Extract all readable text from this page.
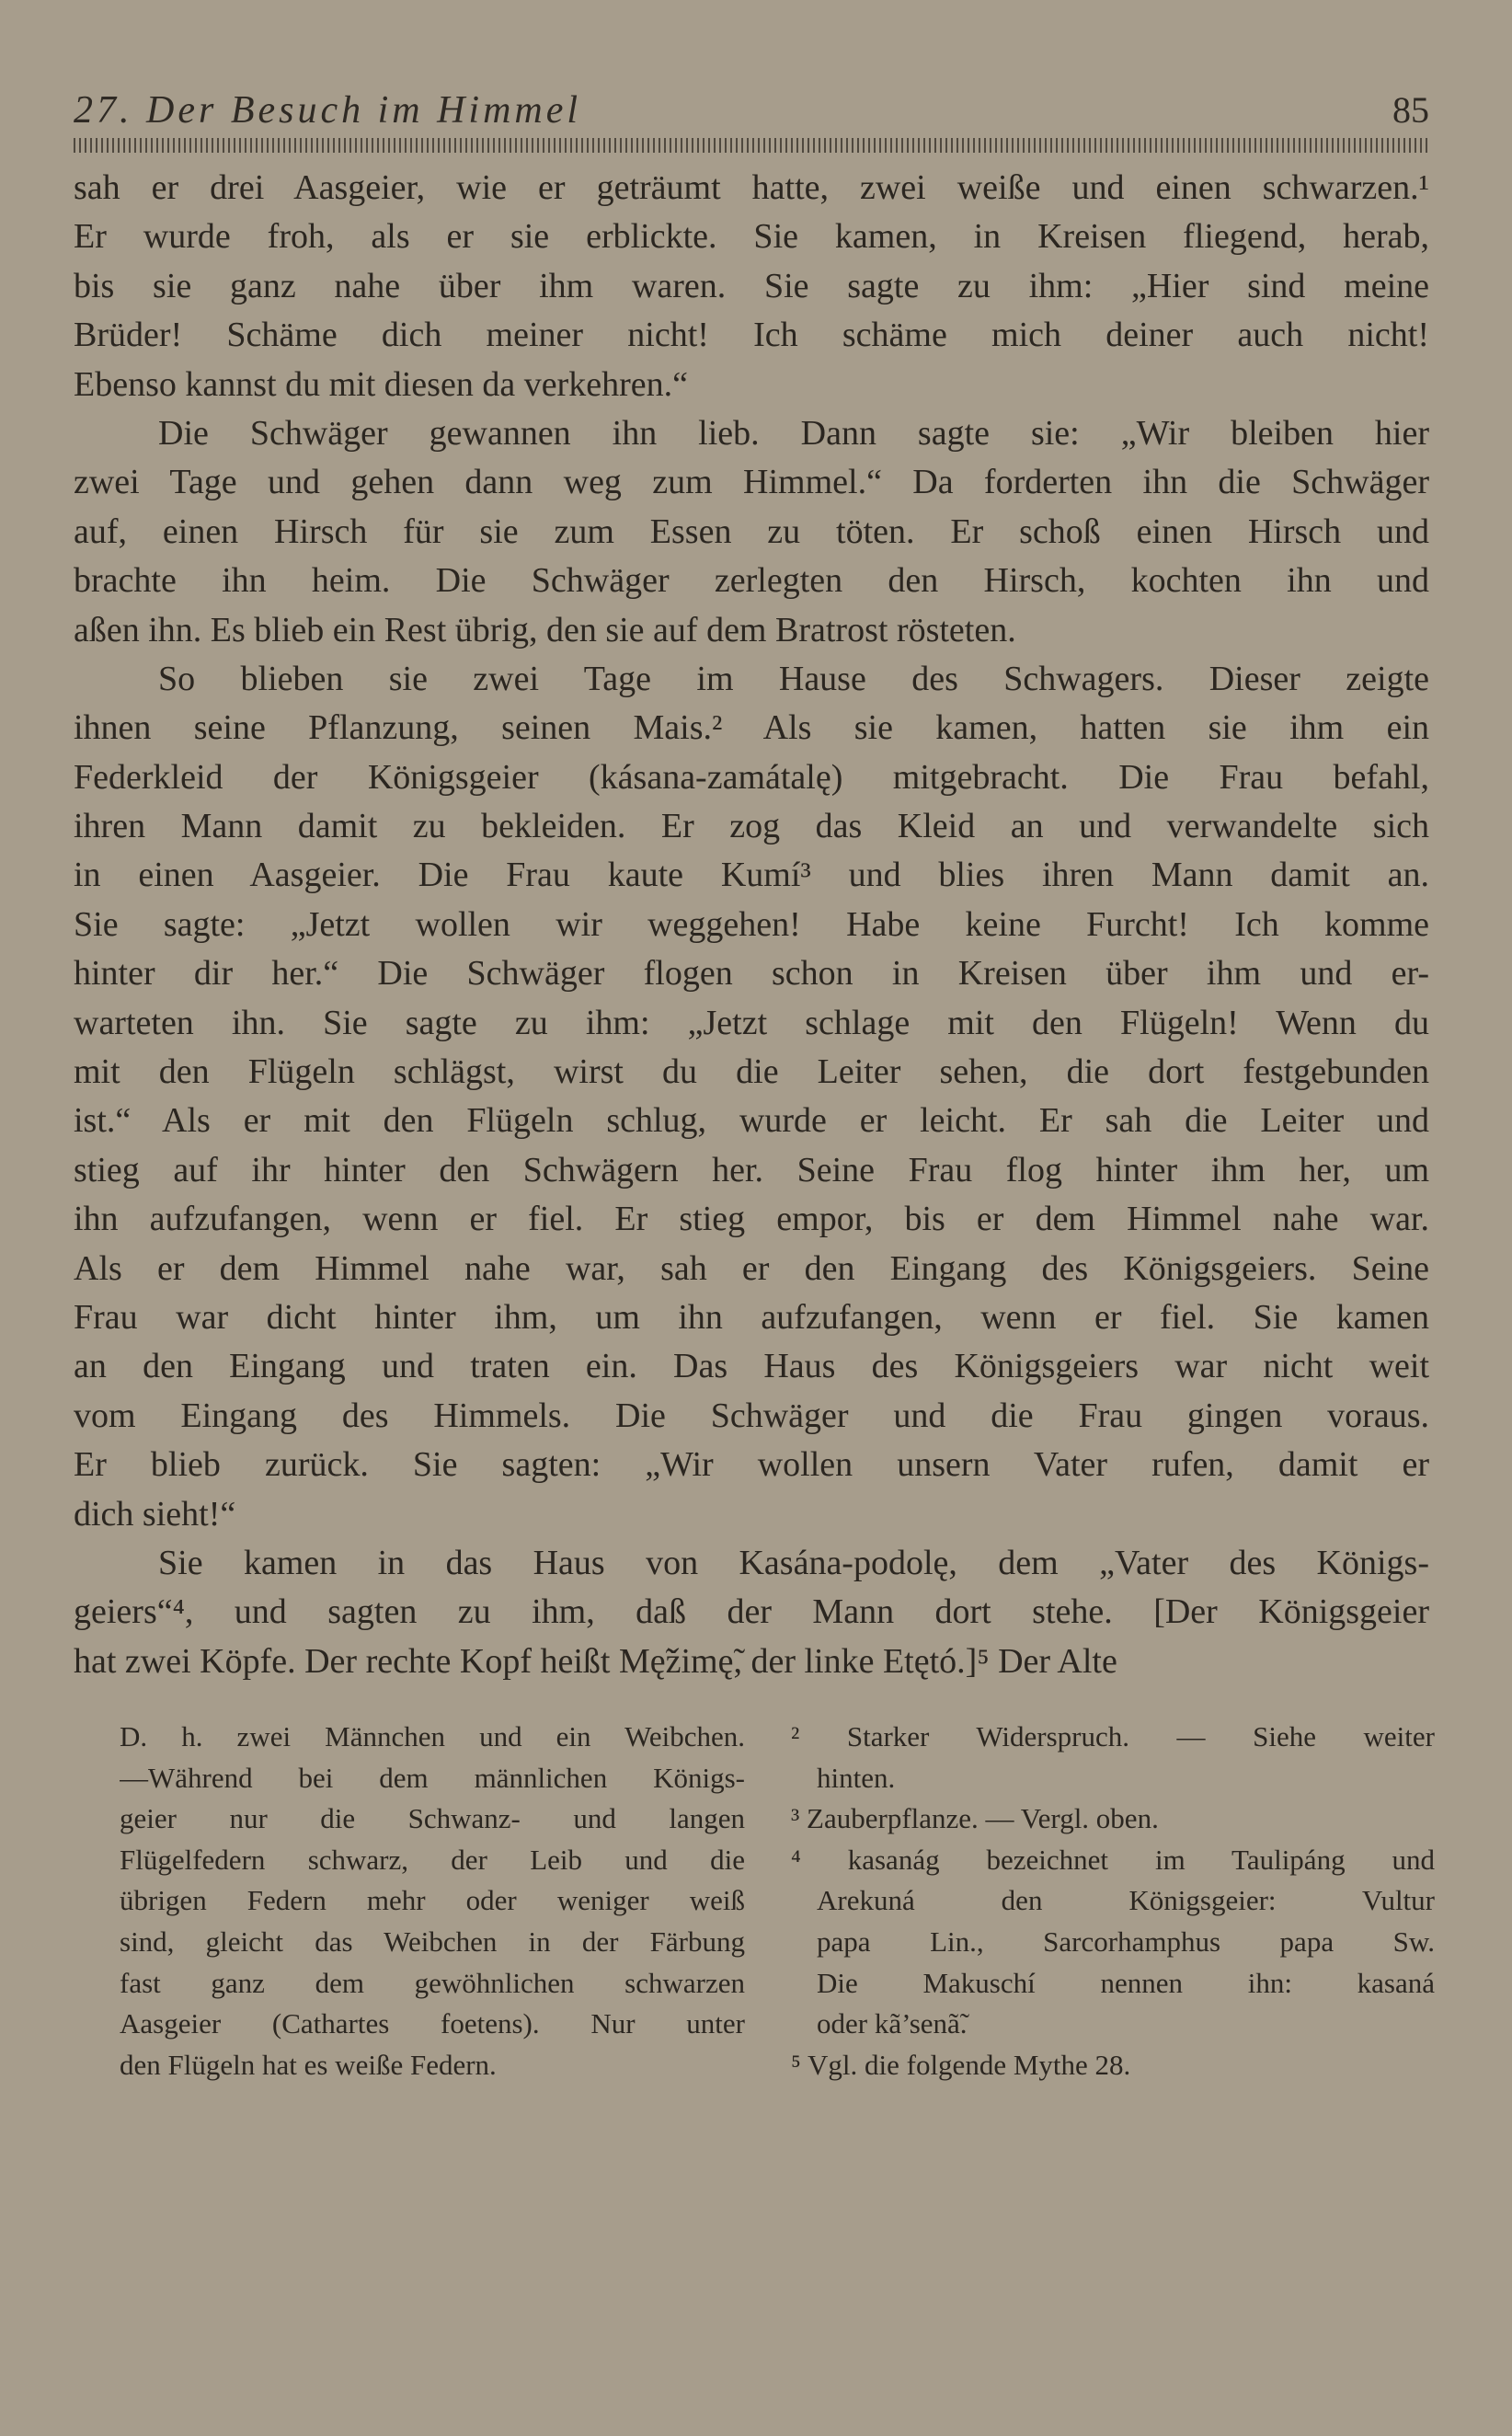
27. Der Besuch im Himmel	85
sah er drei Aasgeier, wie er geträumt hatte, zwei weiße und einen schwarzen.¹
Er wurde froh, als er sie erblickte. Sie kamen, in Kreisen fliegend, herab,
bis sie ganz nahe über ihm waren. Sie sagte zu ihm: „Hier sind meine
Brüder! Schäme dich meiner nicht! Ich schäme mich deiner auch nicht!
Ebenso kannst du mit diesen da verkehren.“
Die Schwäger gewannen ihn lieb. Dann sagte sie: „Wir bleiben hier
zwei Tage und gehen dann weg zum Himmel.“ Da forderten ihn die Schwäger
auf, einen Hirsch für sie zum Essen zu töten. Er schoß einen Hirsch und
brachte ihn heim. Die Schwäger zerlegten den Hirsch, kochten ihn und
aßen ihn. Es blieb ein Rest übrig, den sie auf dem Bratrost rösteten.
So blieben sie zwei Tage im Hause des Schwagers. Dieser zeigte
ihnen seine Pflanzung, seinen Mais.² Als sie kamen, hatten sie ihm ein
Federkleid der Königsgeier (kásana-zamátalę) mitgebracht. Die Frau befahl,
ihren Mann damit zu bekleiden. Er zog das Kleid an und verwandelte sich
in einen Aasgeier. Die Frau kaute Kumí³ und blies ihren Mann damit an.
Sie sagte: „Jetzt wollen wir weggehen! Habe keine Furcht! Ich komme
hinter dir her.“ Die Schwäger flogen schon in Kreisen über ihm und er-
warteten ihn. Sie sagte zu ihm: „Jetzt schlage mit den Flügeln! Wenn du
mit den Flügeln schlägst, wirst du die Leiter sehen, die dort festgebunden
ist.“ Als er mit den Flügeln schlug, wurde er leicht. Er sah die Leiter und
stieg auf ihr hinter den Schwägern her. Seine Frau flog hinter ihm her, um
ihn aufzufangen, wenn er fiel. Er stieg empor, bis er dem Himmel nahe war.
Als er dem Himmel nahe war, sah er den Eingang des Königsgeiers. Seine
Frau war dicht hinter ihm, um ihn aufzufangen, wenn er fiel. Sie kamen
an den Eingang und traten ein. Das Haus des Königsgeiers war nicht weit
vom Eingang des Himmels. Die Schwäger und die Frau gingen voraus.
Er blieb zurück. Sie sagten: „Wir wollen unsern Vater rufen, damit er
dich sieht!“
Sie kamen in das Haus von Kasána-podolę, dem „Vater des Königs-
geiers“⁴, und sagten zu ihm, daß der Mann dort stehe. [Der Königsgeier
hat zwei Köpfe. Der rechte Kopf heißt Mę̃žimę̃, der linke Etętó.]⁵ Der Alte
D. h. zwei Männchen und ein Weibchen.
—Während bei dem männlichen Königs-
geier nur die Schwanz- und langen
Flügelfedern schwarz, der Leib und die
übrigen Federn mehr oder weniger weiß
sind, gleicht das Weibchen in der Färbung
fast ganz dem gewöhnlichen schwarzen
Aasgeier (Cathartes foetens). Nur unter
den Flügeln hat es weiße Federn.
² Starker Widerspruch. — Siehe weiter
hinten.
³ Zauberpflanze. — Vergl. oben.
⁴ kasanág bezeichnet im Taulipáng und
Arekuná den Königsgeier: Vultur
papa Lin., Sarcorhamphus papa Sw.
Die Makuschí nennen ihn: kasaná
oder kã’senã̃.
⁵ Vgl. die folgende Mythe 28.
